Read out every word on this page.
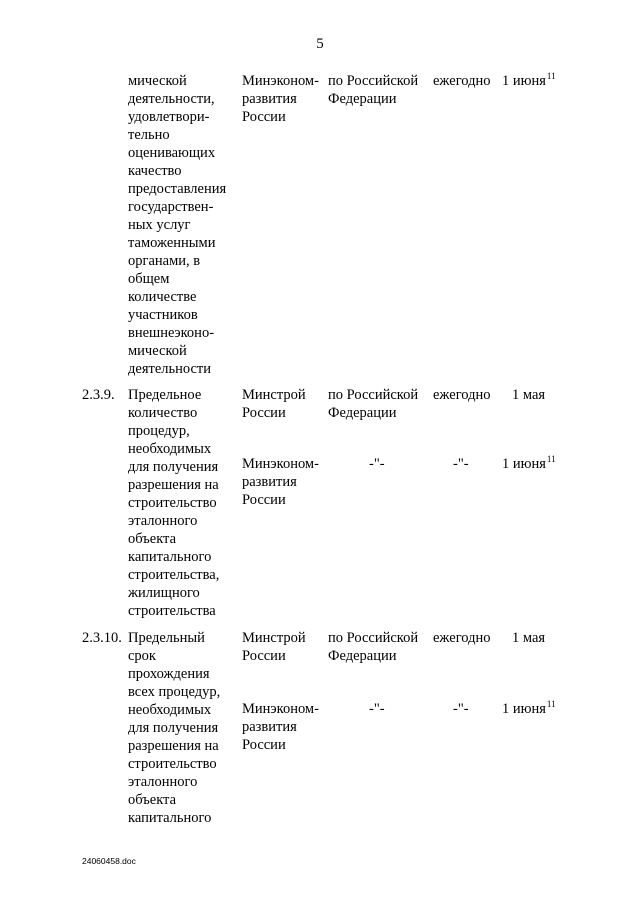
5
мической
деятельности,
удовлетвори-
тельно
оценивающих
качество
предоставления
государствен-
ных услуг
таможенными
органами, в
общем
количестве
участников
внешнеэконо-
мической
деятельности
Минэконом-
развития
России
по Российской
Федерации
ежегодно 1 июня$^{11}$
2.3.9. Предельное
количество
процедур,
необходимых
для получения
разрешения на
строительство
эталонного
объекта
капитального
строительства,
жилищного
строительства
Минстрой
России
по Российской
Федерации
ежегодно 1 мая
Минэконом-
развития
России
-"-	-"- 1 июня$^{11}$
2.3.10. Предельный
срок
прохождения
всех процедур,
необходимых
для получения
разрешения на
строительство
эталонного
объекта
капитального
Минстрой
России
по Российской
Федерации
ежегодно 1 мая
Минэконом-
развития
России
-"-	-"- 1 июня$^{11}$
24060458.doc
